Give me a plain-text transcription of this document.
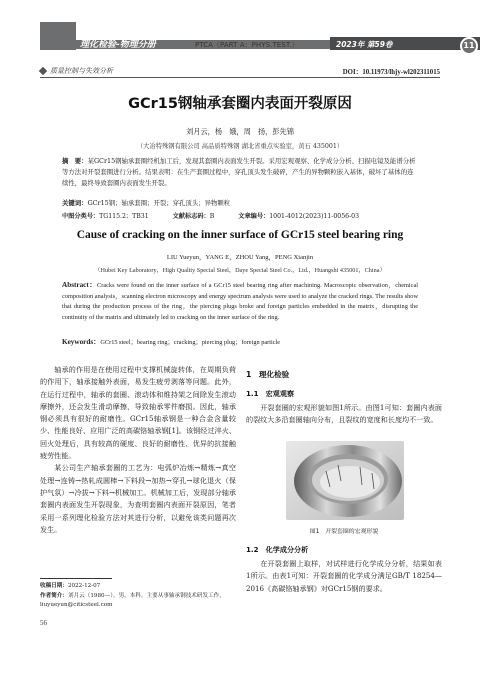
理化检验-物理分册	PTCA（PART A：PHYS.TEST.）	2023年 第59卷	11
质量控制与失效分析	DOI：10.11973/lhjy-wl202311015
GCr15钢轴承套圈内表面开裂原因
刘月云，杨　娥，周　扬，彭先锦
（大冶特殊钢有限公司 高品质特殊钢 湖北省重点实验室，黄石 435001）
摘　要：某GCr15钢轴承套圈经机加工后，发现其套圈内表面发生开裂。采用宏观观察、化学成分分析、扫描电镜及能谱分析等方法对开裂套圈进行分析。结果表明：在生产套圈过程中，穿孔顶头发生破碎，产生的异物颗粒嵌入基体，破坏了基体的连续性，最终导致套圈内表面发生开裂。
关键词：GCr15钢；轴承套圈；开裂；穿孔顶头；异物颗粒
中图分类号：TG115.2；TB31	文献标志码：B	文章编号：1001-4012(2023)11-0056-03
Cause of cracking on the inner surface of GCr15 steel bearing ring
LIU Yueyun，YANG E，ZHOU Yang，PENG Xianjin
（Hubei Key Laboratory，High Quality Special Steel，Daye Special Steel Co.，Ltd.，Huangshi 435001，China）
Abstract：Cracks were found on the inner surface of a GCr15 steel bearing ring after machining. Macroscopic observation，chemical composition analysis，scanning electron microscopy and energy spectrum analysis were used to analyze the cracked rings. The results show that during the production process of the ring，the piercing plugs broke and foreign particles embedded in the matrix，disrupting the continuity of the matrix and ultimately led to cracking on the inner surface of the ring.
Keywords：GCr15 steel；bearing ring；cracking；piercing plug；foreign particle

轴承的作用是在使用过程中支撑机械旋转体，在周期负荷的作用下，轴承接触外表面，易发生疲劳剥落等问题。此外，在运行过程中，轴承的套圈、滚动体和维持架之间除发生滚动摩擦外，还会发生滑动摩擦，导致轴承零件磨损。因此，轴承钢必须具有很好的耐磨性。GCr15轴承钢是一种合金含量较少、性能良好、应用广泛的高碳铬轴承钢[1]。该钢经过淬火、回火处理后，具有较高的硬度、良好的耐磨性、优异的抗接触疲劳性能。

某公司生产轴承套圈的工艺为：电弧炉冶炼→精炼→真空处理→连铸→热轧成圆棒→下料段→加热→穿孔→球化退火（保护气氛）→冷拔→下料→机械加工。机械加工后，发现部分轴承套圈内表面发生开裂现象，为查明套圈内表面开裂原因，笔者采用一系列理化检验方法对其进行分析，以避免该类问题再次发生。

1　理化检验
1.1　宏观观察
开裂套圈的宏观形貌如图1所示。由图1可知：套圈内表面的裂纹大多沿套圈轴向分布，且裂纹的宽度和长度均不一致。
图1　开裂套圈的宏观形貌
1.2　化学成分分析
在开裂套圈上取样，对试样进行化学成分分析，结果如表1所示。由表1可知：开裂套圈的化学成分满足GB/T 18254—2016《高碳铬轴承钢》对GCr15钢的要求。
收稿日期：2022-12-07
作者简介：刘月云（1980—），男，本科，主要从事轴承钢技术研发工作，liuyueyun@citicsteel.com
56
